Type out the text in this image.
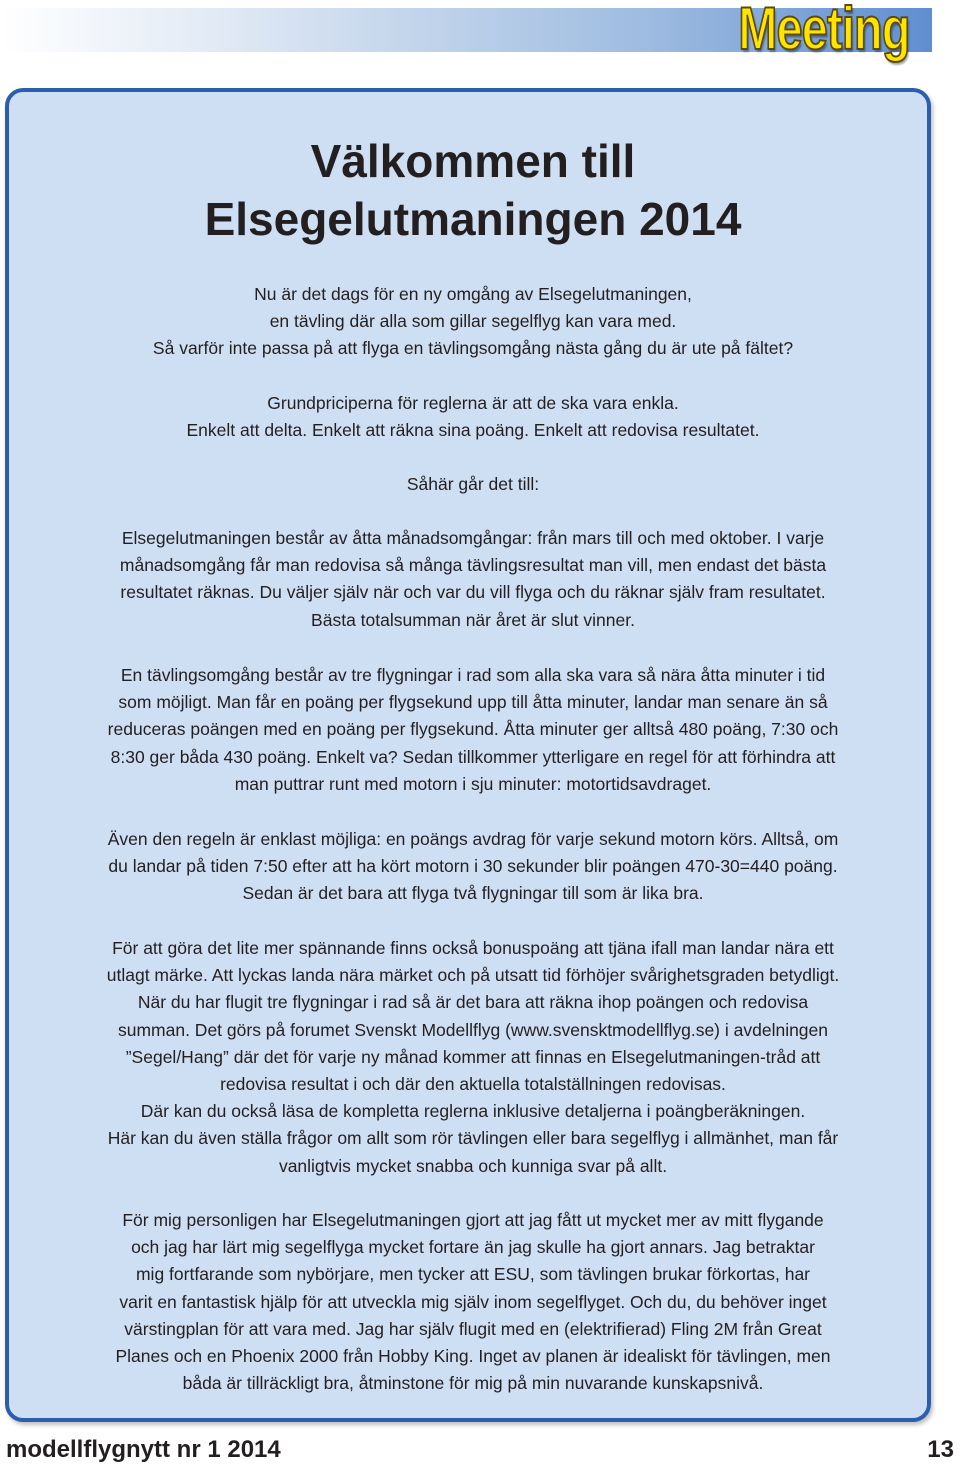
Meeting
Välkommen till
Elsegelutmaningen 2014

Nu är det dags för en ny omgång av Elsegelutmaningen,
en tävling där alla som gillar segelflyg kan vara med.
Så varför inte passa på att flyga en tävlingsomgång nästa gång du är ute på fältet?

Grundpriciperna för reglerna är att de ska vara enkla.
Enkelt att delta. Enkelt att räkna sina poäng. Enkelt att redovisa resultatet.

Såhär går det till:

Elsegelutmaningen består av åtta månadsomgångar: från mars till och med oktober. I varje
månadsomgång får man redovisa så många tävlingsresultat man vill, men endast det bästa
resultatet räknas. Du väljer själv när och var du vill flyga och du räknar själv fram resultatet.
Bästa totalsumman när året är slut vinner.

En tävlingsomgång består av tre flygningar i rad som alla ska vara så nära åtta minuter i tid
som möjligt. Man får en poäng per flygsekund upp till åtta minuter, landar man senare än så
reduceras poängen med en poäng per flygsekund. Åtta minuter ger alltså 480 poäng, 7:30 och
8:30 ger båda 430 poäng. Enkelt va? Sedan tillkommer ytterligare en regel för att förhindra att
man puttrar runt med motorn i sju minuter: motortidsavdraget.

Även den regeln är enklast möjliga: en poängs avdrag för varje sekund motorn körs. Alltså, om
du landar på tiden 7:50 efter att ha kört motorn i 30 sekunder blir poängen 470-30=440 poäng.
Sedan är det bara att flyga två flygningar till som är lika bra.

För att göra det lite mer spännande finns också bonuspoäng att tjäna ifall man landar nära ett
utlagt märke. Att lyckas landa nära märket och på utsatt tid förhöjer svårighetsgraden betydligt.
När du har flugit tre flygningar i rad så är det bara att räkna ihop poängen och redovisa
summan. Det görs på forumet Svenskt Modellflyg (www.svensktmodellflyg.se) i avdelningen
”Segel/Hang” där det för varje ny månad kommer att finnas en Elsegelutmaningen-tråd att
redovisa resultat i och där den aktuella totalställningen redovisas.
Där kan du också läsa de kompletta reglerna inklusive detaljerna i poängberäkningen.
Här kan du även ställa frågor om allt som rör tävlingen eller bara segelflyg i allmänhet, man får
vanligtvis mycket snabba och kunniga svar på allt.

För mig personligen har Elsegelutmaningen gjort att jag fått ut mycket mer av mitt flygande
och jag har lärt mig segelflyga mycket fortare än jag skulle ha gjort annars. Jag betraktar
mig fortfarande som nybörjare, men tycker att ESU, som tävlingen brukar förkortas, har
varit en fantastisk hjälp för att utveckla mig själv inom segelflyget. Och du, du behöver inget
värstingplan för att vara med. Jag har själv flugit med en (elektrifierad) Fling 2M från Great
Planes och en Phoenix 2000 från Hobby King. Inget av planen är idealiskt för tävlingen, men
båda är tillräckligt bra, åtminstone för mig på min nuvarande kunskapsnivå.

modellflygnytt nr 1 2014	13
